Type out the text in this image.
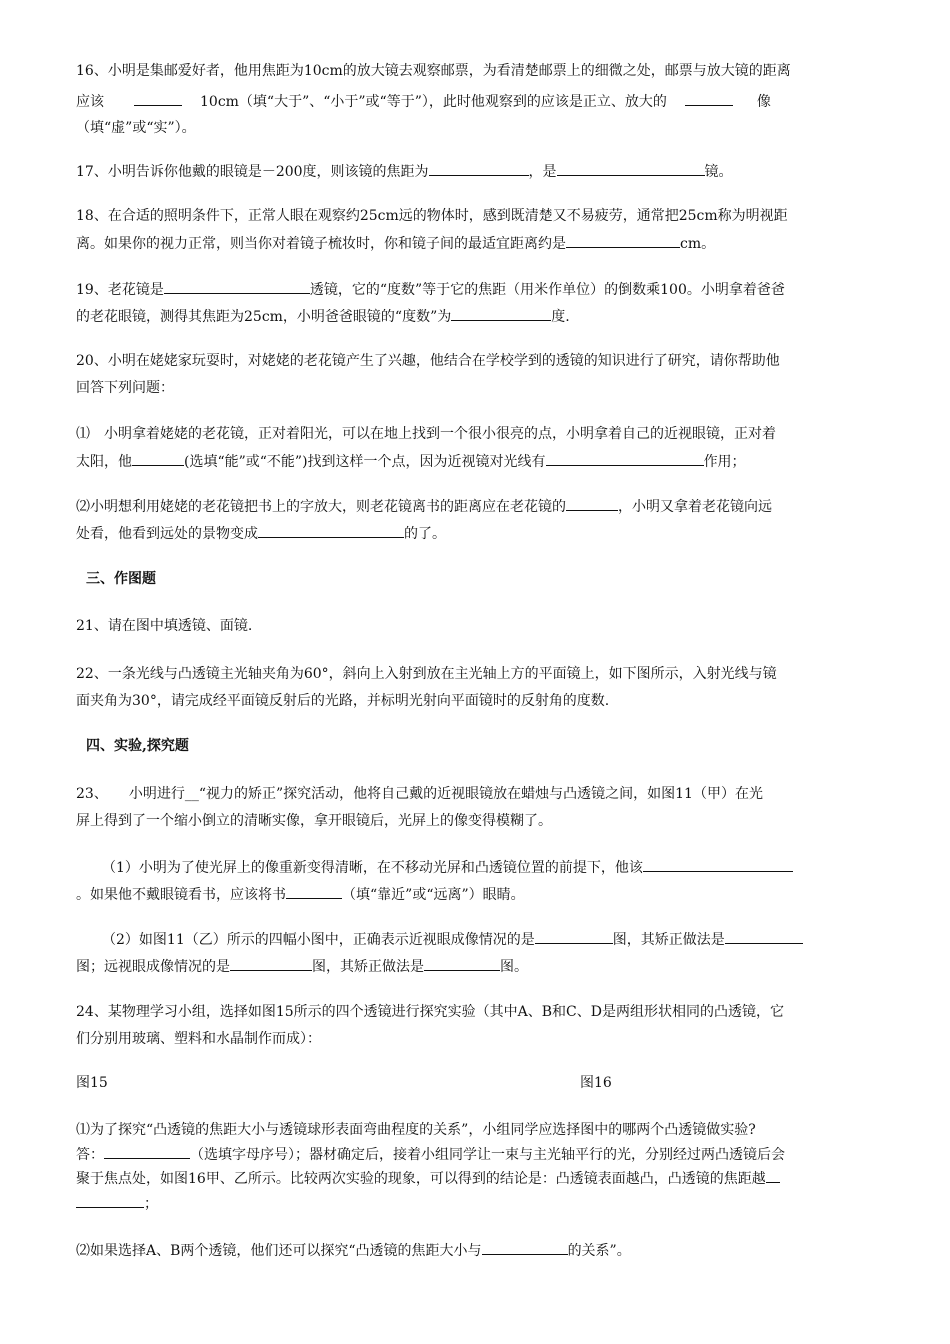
16、小明是集邮爱好者，他用焦距为10cm的放大镜去观察邮票，为看清楚邮票上的细微之处，邮票与放大镜的距离
应该	10cm（填“大于”、“小于”或“等于”），此时他观察到的应该是正立、放大的	像
（填“虚”或“实”）。
17、小明告诉你他戴的眼镜是－200度，则该镜的焦距为	，是	镜。
18、在合适的照明条件下，正常人眼在观察约25cm远的物体时，感到既清楚又不易疲劳，通常把25cm称为明视距
离。如果你的视力正常，则当你对着镜子梳妆时，你和镜子间的最适宜距离约是	cm。
19、老花镜是	透镜，它的“度数”等于它的焦距（用米作单位）的倒数乘100。小明拿着爸爸
的老花眼镜，测得其焦距为25cm，小明爸爸眼镜的“度数”为	度.
20、小明在姥姥家玩耍时，对姥姥的老花镜产生了兴趣，他结合在学校学到的透镜的知识进行了研究，请你帮助他
回答下列问题：
⑴　小明拿着姥姥的老花镜，正对着阳光，可以在地上找到一个很小很亮的点，小明拿着自己的近视眼镜，正对着
太阳，他	(选填“能”或“不能”)找到这样一个点，因为近视镜对光线有	作用；
⑵小明想利用姥姥的老花镜把书上的字放大，则老花镜离书的距离应在老花镜的	，小明又拿着老花镜向远
处看，他看到远处的景物变成	的了。
三、作图题
21、请在图中填透镜、面镜.
22、一条光线与凸透镜主光轴夹角为60°，斜向上入射到放在主光轴上方的平面镜上，如下图所示，入射光线与镜
面夹角为30°，请完成经平面镜反射后的光路，并标明光射向平面镜时的反射角的度数.
四、实验,探究题
23、　　小明进行__“视力的矫正”探究活动，他将自己戴的近视眼镜放在蜡烛与凸透镜之间，如图11（甲）在光
屏上得到了一个缩小倒立的清晰实像，拿开眼镜后，光屏上的像变得模糊了。
（1）小明为了使光屏上的像重新变得清晰，在不移动光屏和凸透镜位置的前提下，他该
。如果他不戴眼镜看书，应该将书	（填“靠近”或“远离”）眼睛。
（2）如图11（乙）所示的四幅小图中，正确表示近视眼成像情况的是	图，其矫正做法是
图；远视眼成像情况的是	图，其矫正做法是	图。
24、某物理学习小组，选择如图15所示的四个透镜进行探究实验（其中A、B和C、D是两组形状相同的凸透镜，它
们分别用玻璃、塑料和水晶制作而成）：
图15	图16
⑴为了探究“凸透镜的焦距大小与透镜球形表面弯曲程度的关系”，小组同学应选择图中的哪两个凸透镜做实验?
答：	（选填字母序号）；器材确定后，接着小组同学让一束与主光轴平行的光，分别经过两凸透镜后会
聚于焦点处，如图16甲、乙所示。比较两次实验的现象，可以得到的结论是：凸透镜表面越凸，凸透镜的焦距越
；
⑵如果选择A、B两个透镜，他们还可以探究“凸透镜的焦距大小与	的关系”。
